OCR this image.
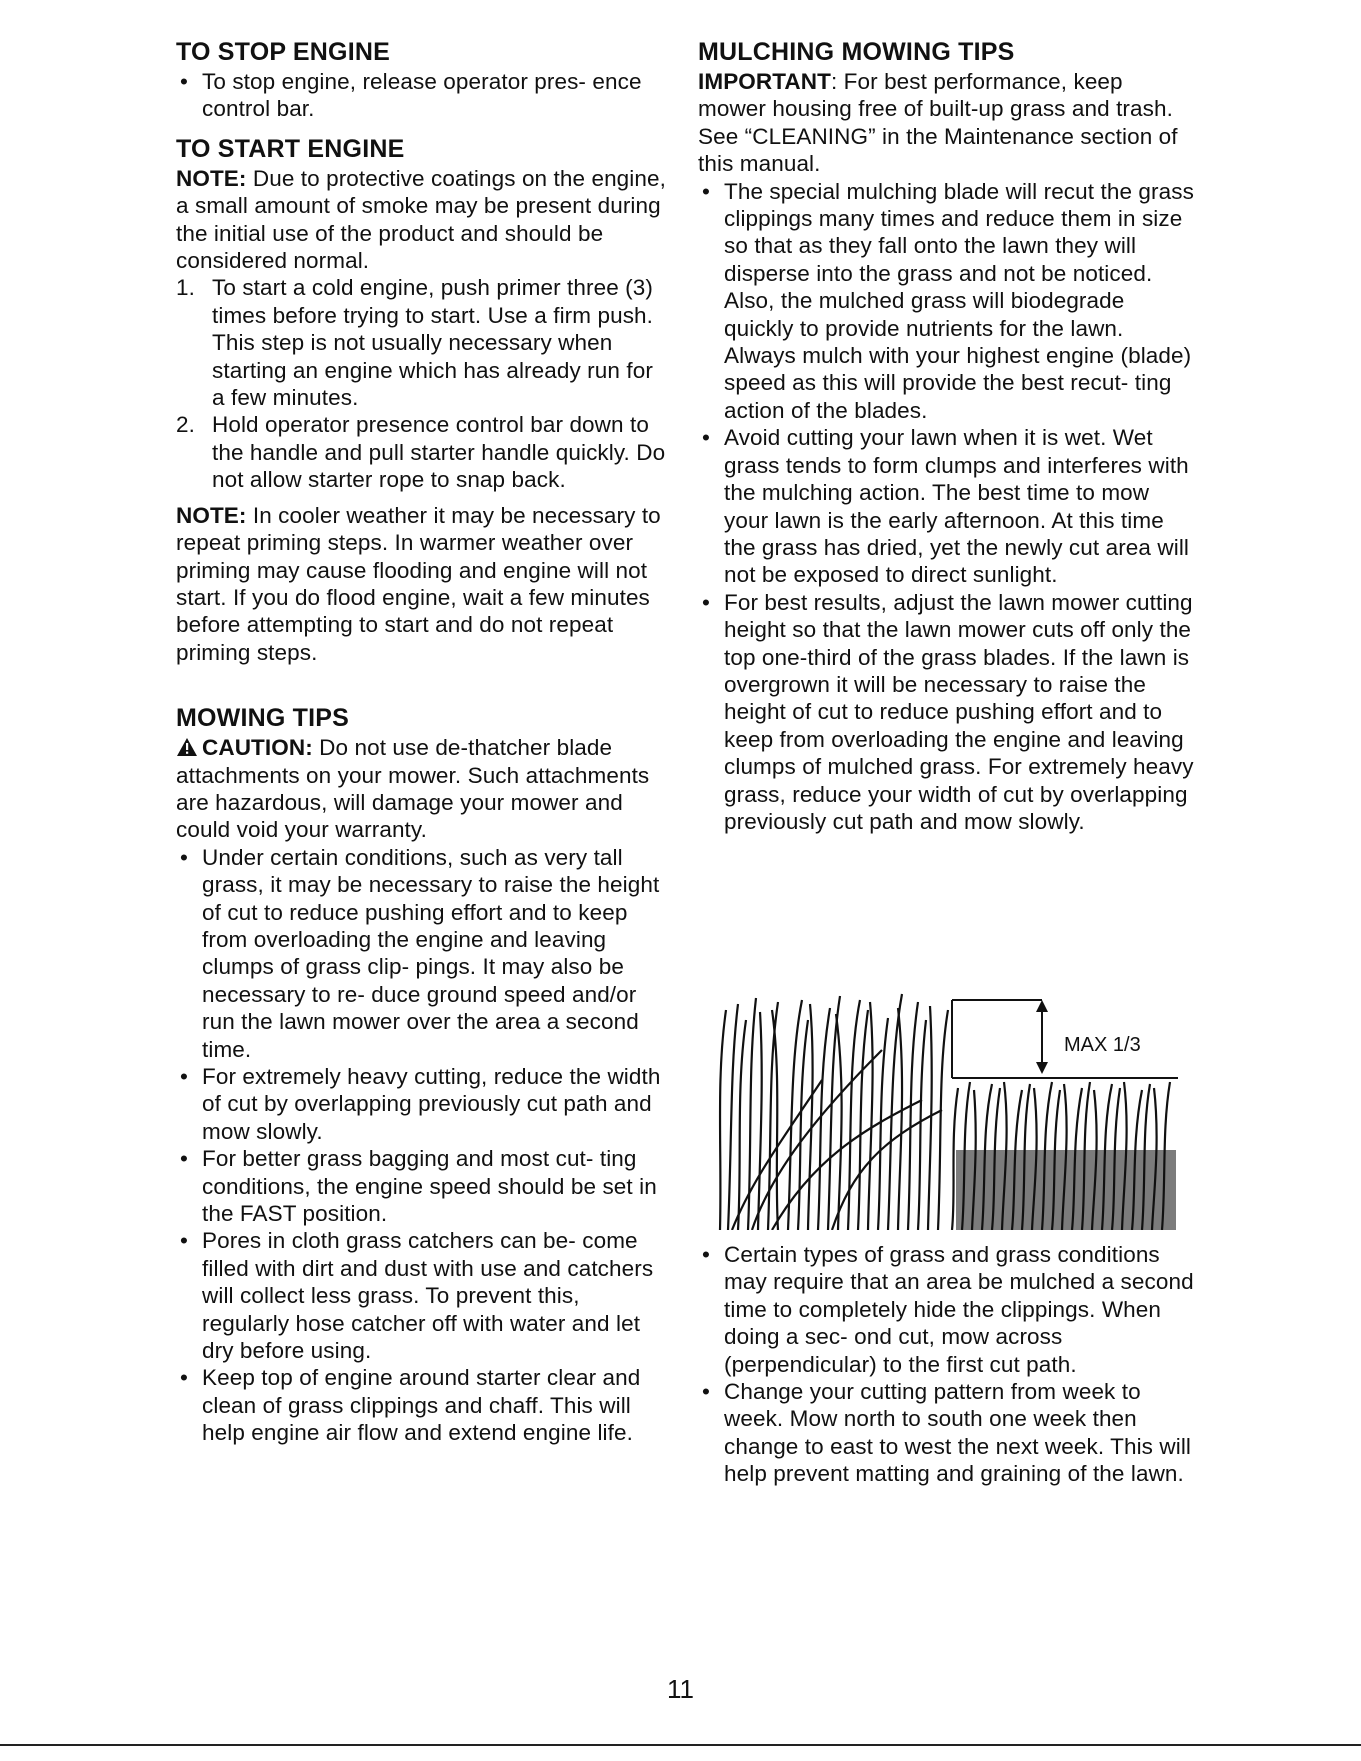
TO STOP ENGINE
• To stop engine, release operator pres- ence control bar.
TO START ENGINE

NOTE: Due to protective coatings on the engine, a small amount of smoke may be present during the initial use of the product and should be considered normal.

1. To start a cold engine, push primer three (3) times before trying to start. Use a firm push. This step is not usually necessary when starting an engine which has already run for a few minutes.
2. Hold operator presence control bar down to the handle and pull starter handle quickly. Do not allow starter rope to snap back.

NOTE: In cooler weather it may be necessary to repeat priming steps. In warmer weather over priming may cause flooding and engine will not start. If you do flood engine, wait a few minutes before attempting to start and do not repeat priming steps.

MOWING TIPS

CAUTION: Do not use de-thatcher blade attachments on your mower. Such attachments are hazardous, will damage your mower and could void your warranty.

• Under certain conditions, such as very tall grass, it may be necessary to raise the height of cut to reduce pushing effort and to keep from overloading the engine and leaving clumps of grass clip- pings. It may also be necessary to re- duce ground speed and/or run the lawn mower over the area a second time.
• For extremely heavy cutting, reduce the width of cut by overlapping previously cut path and mow slowly.
• For better grass bagging and most cut- ting conditions, the engine speed should be set in the FAST position.
• Pores in cloth grass catchers can be- come filled with dirt and dust with use and catchers will collect less grass. To prevent this, regularly hose catcher off with water and let dry before using.
• Keep top of engine around starter clear and clean of grass clippings and chaff. This will help engine air flow and extend engine life.
MULCHING MOWING TIPS

IMPORTANT: For best performance, keep mower housing free of built-up grass and trash. See “CLEANING” in the Maintenance section of this manual.

• The special mulching blade will recut the grass clippings many times and reduce them in size so that as they fall onto the lawn they will disperse into the grass and not be noticed. Also, the mulched grass will biodegrade quickly to provide nutrients for the lawn. Always mulch with your highest engine (blade) speed as this will provide the best recut- ting action of the blades.
• Avoid cutting your lawn when it is wet. Wet grass tends to form clumps and interferes with the mulching action. The best time to mow your lawn is the early afternoon. At this time the grass has dried, yet the newly cut area will not be exposed to direct sunlight.
• For best results, adjust the lawn mower cutting height so that the lawn mower cuts off only the top one-third of the grass blades. If the lawn is overgrown it will be necessary to raise the height of cut to reduce pushing effort and to keep from overloading the engine and leaving clumps of mulched grass. For extremely heavy grass, reduce your width of cut by overlapping previously cut path and mow slowly.
MAX 1/3
• Certain types of grass and grass conditions may require that an area be mulched a second time to completely hide the clippings. When doing a sec- ond cut, mow across (perpendicular) to the first cut path.
• Change your cutting pattern from week to week. Mow north to south one week then change to east to west the next week. This will help prevent matting and graining of the lawn.
11
